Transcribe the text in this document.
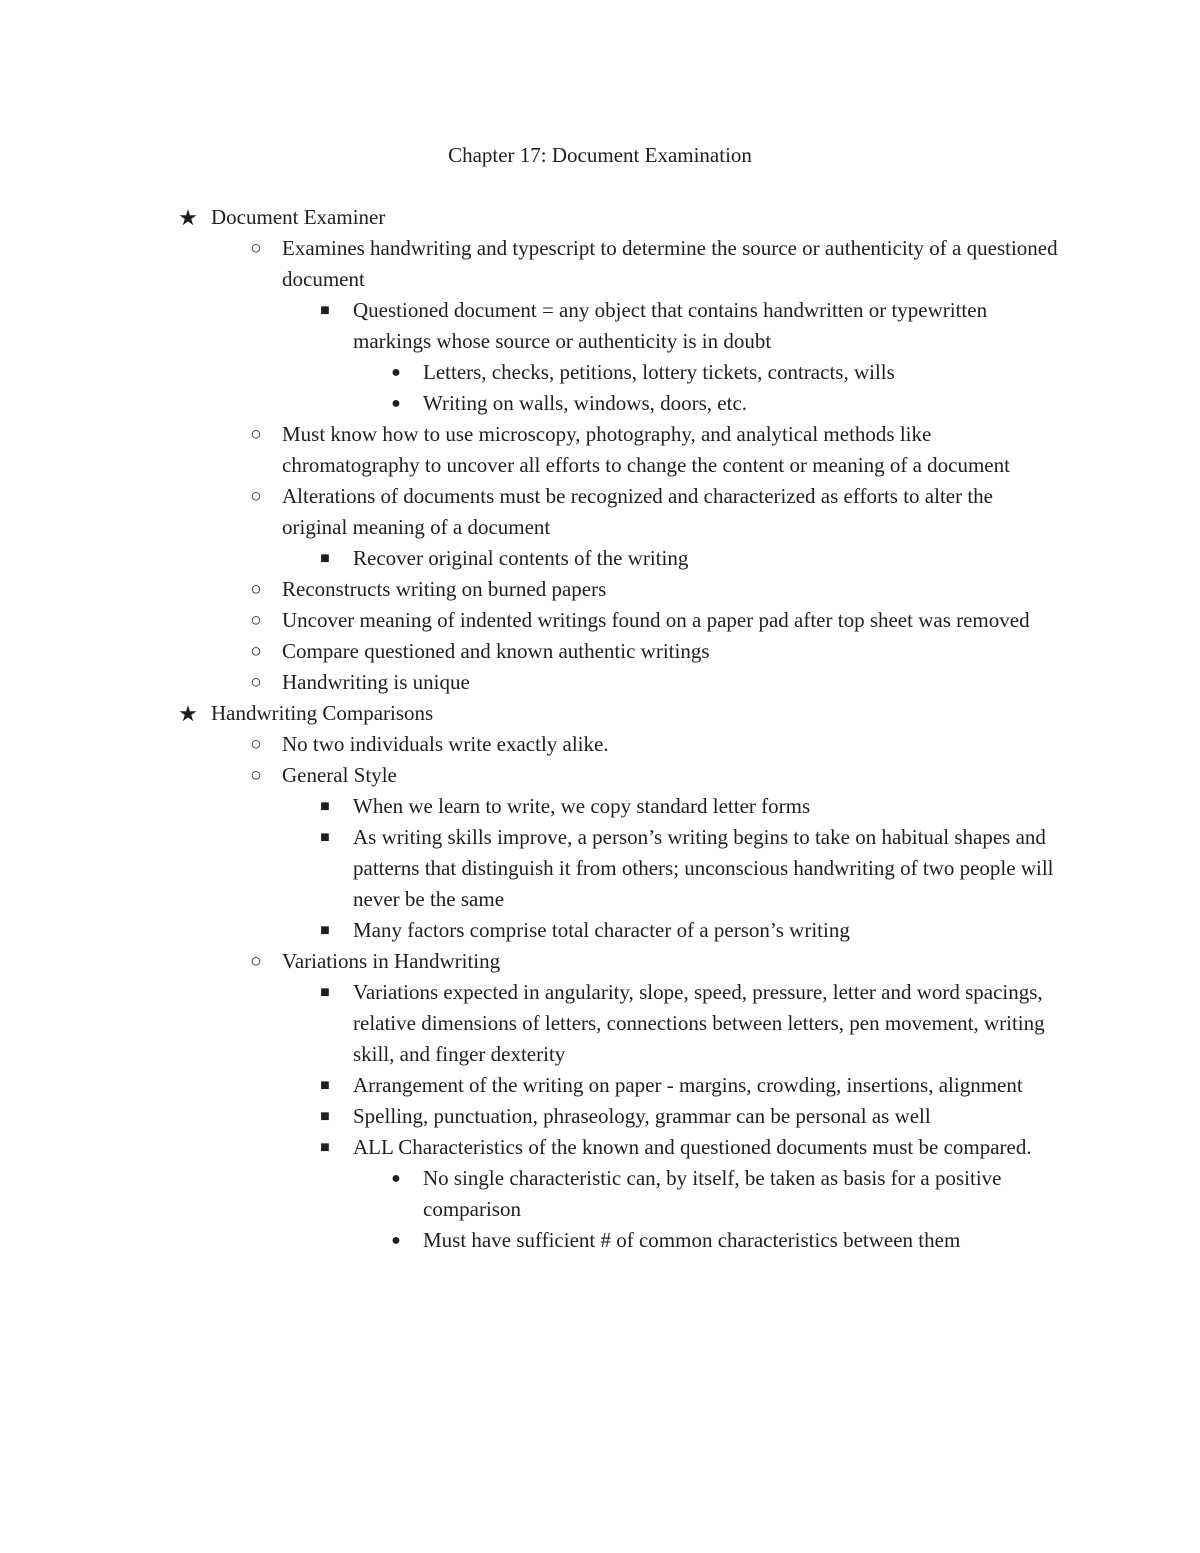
Chapter 17: Document Examination
★ Document Examiner
○ Examines handwriting and typescript to determine the source or authenticity of a questioned document
■	Questioned document = any object that contains handwritten or typewritten markings whose source or authenticity is in doubt
●	Letters, checks, petitions, lottery tickets, contracts, wills
●	Writing on walls, windows, doors, etc.
○ Must know how to use microscopy, photography, and analytical methods like chromatography to uncover all efforts to change the content or meaning of a document
○ Alterations of documents must be recognized and characterized as efforts to alter the original meaning of a document
■	Recover original contents of the writing
○ Reconstructs writing on burned papers
○ Uncover meaning of indented writings found on a paper pad after top sheet was removed
○ Compare questioned and known authentic writings
○ Handwriting is unique
★ Handwriting Comparisons
○ No two individuals write exactly alike.
○ General Style
■	When we learn to write, we copy standard letter forms
■	As writing skills improve, a person’s writing begins to take on habitual shapes and patterns that distinguish it from others; unconscious handwriting of two people will never be the same
■	Many factors comprise total character of a person’s writing
○ Variations in Handwriting
■	Variations expected in angularity, slope, speed, pressure, letter and word spacings, relative dimensions of letters, connections between letters, pen movement, writing skill, and finger dexterity
■	Arrangement of the writing on paper - margins, crowding, insertions, alignment
■	Spelling, punctuation, phraseology, grammar can be personal as well
■	ALL Characteristics of the known and questioned documents must be compared.
●	No single characteristic can, by itself, be taken as basis for a positive comparison
●	Must have sufficient # of common characteristics between them
